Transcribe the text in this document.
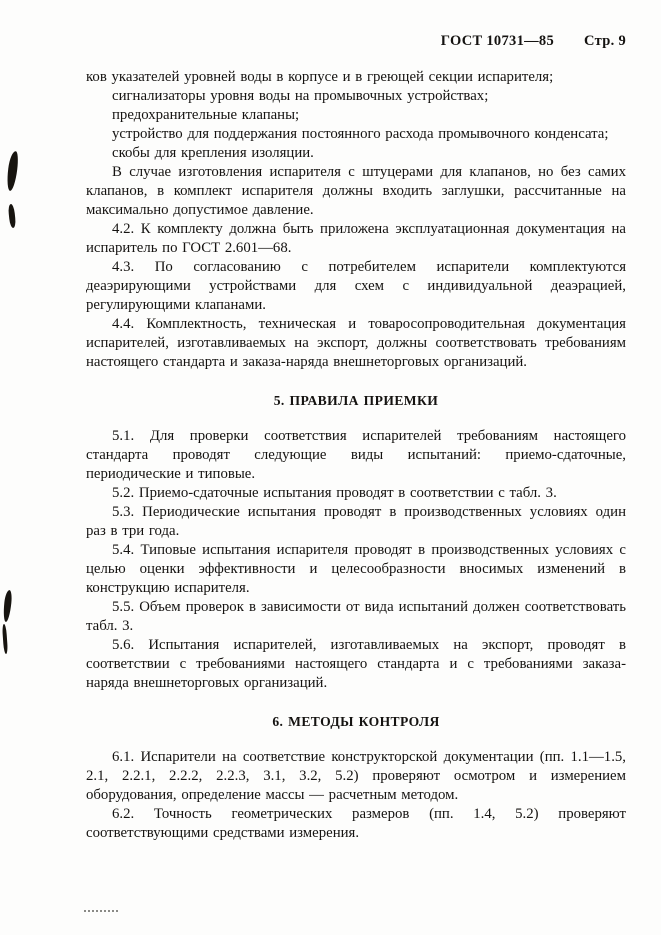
ГОСТ 10731—85 Стр. 9

ков указателей уровней воды в корпусе и в греющей секции испарителя;

сигнализаторы уровня воды на промывочных устройствах;

предохранительные клапаны;

устройство для поддержания постоянного расхода промывочного конденсата;

скобы для крепления изоляции.

В случае изготовления испарителя с штуцерами для клапанов, но без самих клапанов, в комплект испарителя должны входить заглушки, рассчитанные на максимально допустимое давление.

4.2. К комплекту должна быть приложена эксплуатационная документация на испаритель по ГОСТ 2.601—68.

4.3. По согласованию с потребителем испарители комплектуются деаэрирующими устройствами для схем с индивидуальной деаэрацией, регулирующими клапанами.

4.4. Комплектность, техническая и товаросопроводительная документация испарителей, изготавливаемых на экспорт, должны соответствовать требованиям настоящего стандарта и заказа-наряда внешнеторговых организаций.

5. ПРАВИЛА ПРИЕМКИ

5.1. Для проверки соответствия испарителей требованиям настоящего стандарта проводят следующие виды испытаний: приемо-сдаточные, периодические и типовые.

5.2. Приемо-сдаточные испытания проводят в соответствии с табл. 3.

5.3. Периодические испытания проводят в производственных условиях один раз в три года.

5.4. Типовые испытания испарителя проводят в производственных условиях с целью оценки эффективности и целесообразности вносимых изменений в конструкцию испарителя.

5.5. Объем проверок в зависимости от вида испытаний должен соответствовать табл. 3.

5.6. Испытания испарителей, изготавливаемых на экспорт, проводят в соответствии с требованиями настоящего стандарта и с требованиями заказа-наряда внешнеторговых организаций.

6. МЕТОДЫ КОНТРОЛЯ

6.1. Испарители на соответствие конструкторской документации (пп. 1.1—1.5, 2.1, 2.2.1, 2.2.2, 2.2.3, 3.1, 3.2, 5.2) проверяют осмотром и измерением оборудования, определение массы — расчетным методом.

6.2. Точность геометрических размеров (пп. 1.4, 5.2) проверяют соответствующими средствами измерения.
